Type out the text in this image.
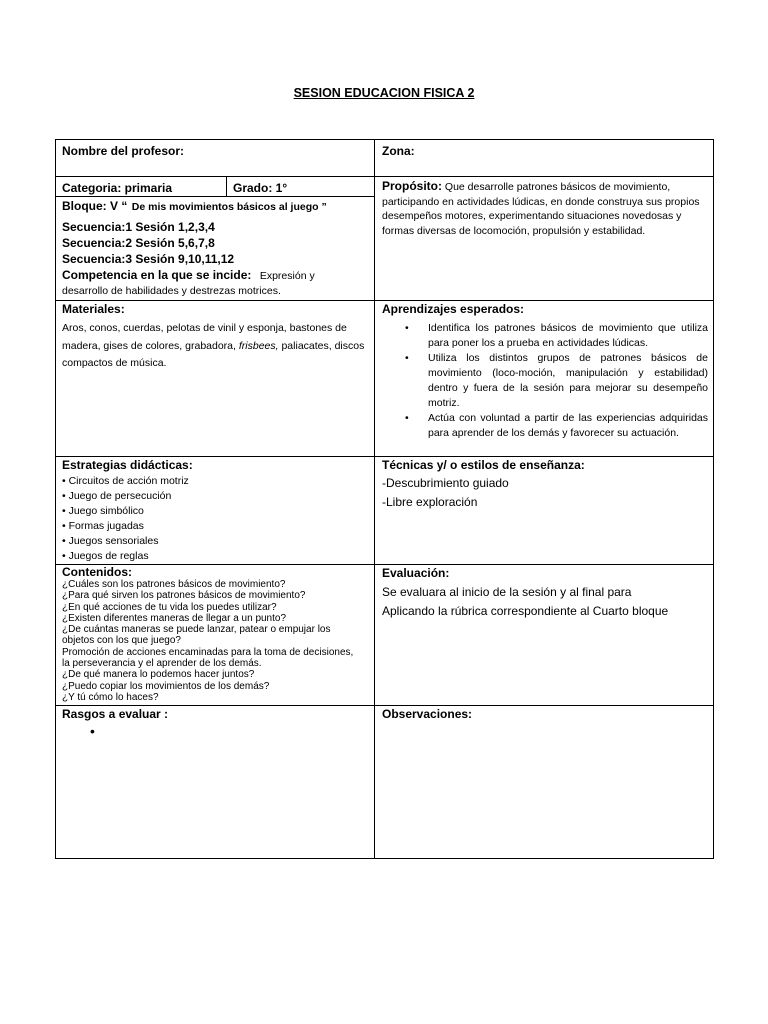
SESION EDUCACION FISICA 2
Nombre del profesor:	Zona:
Categoria: primaria	Grado: 1°
Bloque: V “ De mis movimientos básicos al juego ”
Secuencia:1 Sesión 1,2,3,4
Secuencia:2 Sesión 5,6,7,8
Secuencia:3 Sesión 9,10,11,12
Competencia en la que se incide: Expresión y
desarrollo de habilidades y destrezas motrices.
Propósito: Que desarrolle patrones básicos de movimiento, participando en actividades lúdicas, en donde construya sus propios desempeños motores, experimentando situaciones novedosas y formas diversas de locomoción, propulsión y estabilidad.
Materiales:
Aros, conos, cuerdas, pelotas de vinil y esponja, bastones de madera, gises de colores, grabadora, frisbees, paliacates, discos compactos de música.
Aprendizajes esperados:
• Identifica los patrones básicos de movimiento que utiliza para poner los a prueba en actividades lúdicas.
• Utiliza los distintos grupos de patrones básicos de movimiento (loco-moción, manipulación y estabilidad) dentro y fuera de la sesión para mejorar su desempeño motriz.
• Actúa con voluntad a partir de las experiencias adquiridas para aprender de los demás y favorecer su actuación.
Estrategias didácticas:
• Circuitos de acción motriz
• Juego de persecución
• Juego simbólico
• Formas jugadas
• Juegos sensoriales
• Juegos de reglas
Técnicas y/ o estilos de enseñanza:
-Descubrimiento guiado
-Libre exploración
Contenidos:
¿Cuáles son los patrones básicos de movimiento?
¿Para qué sirven los patrones básicos de movimiento?
¿En qué acciones de tu vida los puedes utilizar?
¿Existen diferentes maneras de llegar a un punto?
¿De cuántas maneras se puede lanzar, patear o empujar los
objetos con los que juego?
Promoción de acciones encaminadas para la toma de decisiones,
la perseverancia y el aprender de los demás.
¿De qué manera lo podemos hacer juntos?
¿Puedo copiar los movimientos de los demás?
¿Y tú cómo lo haces?
Evaluación:
Se evaluara al inicio de la sesión y al final para
Aplicando la rúbrica correspondiente al Cuarto bloque
Rasgos a evaluar :
•
Observaciones:
